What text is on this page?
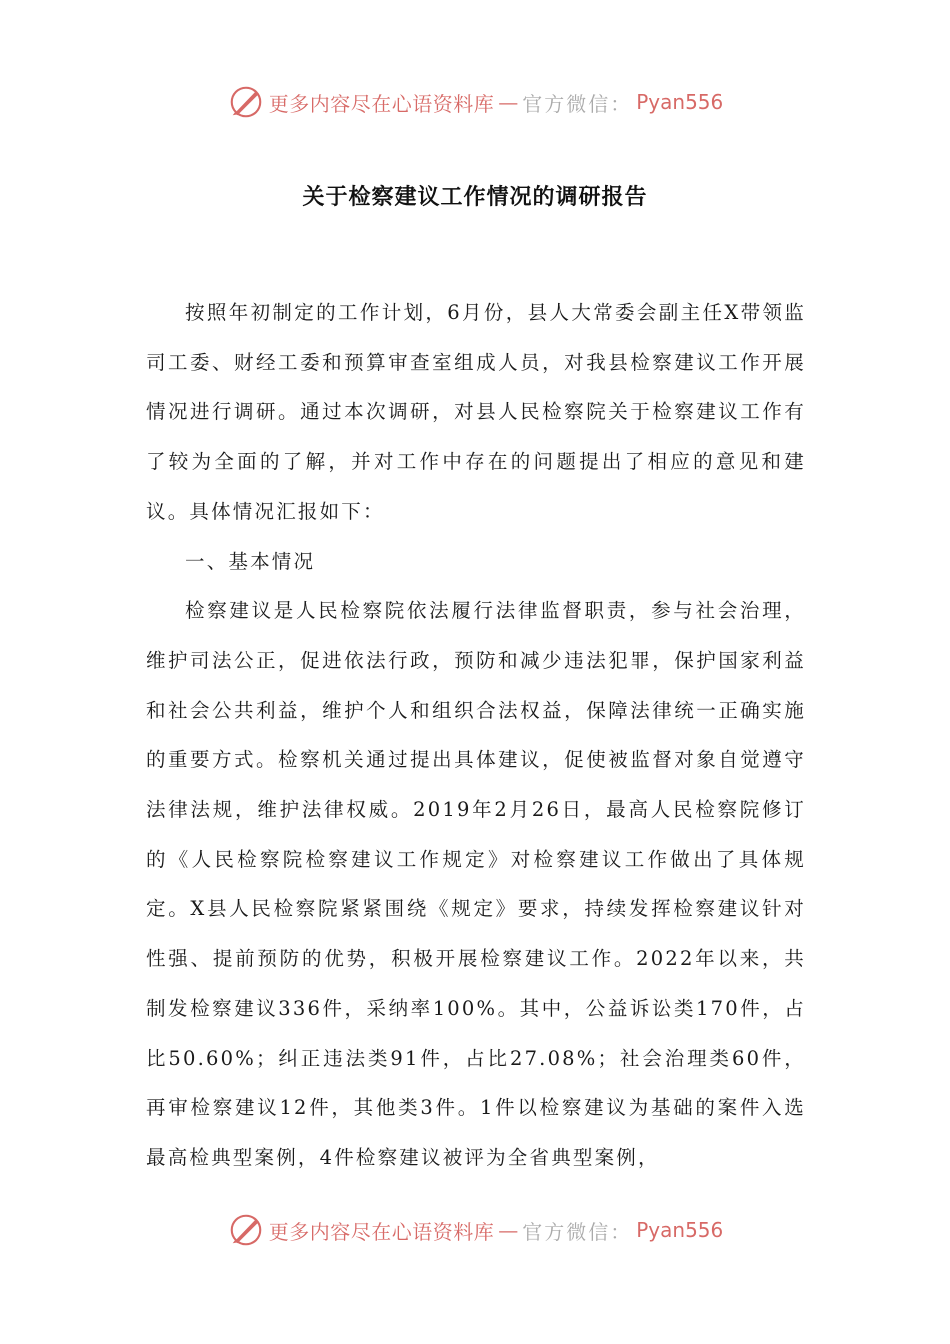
更多内容尽在心语资料库 — 官方微信： Pyan556
关于检察建议工作情况的调研报告

按照年初制定的工作计划，6月份，县人大常委会副主任X带领监司工委、财经工委和预算审查室组成人员，对我县检察建议工作开展情况进行调研。通过本次调研，对县人民检察院关于检察建议工作有了较为全面的了解，并对工作中存在的问题提出了相应的意见和建议。具体情况汇报如下：

一、基本情况

检察建议是人民检察院依法履行法律监督职责，参与社会治理，维护司法公正，促进依法行政，预防和减少违法犯罪，保护国家利益和社会公共利益，维护个人和组织合法权益，保障法律统一正确实施的重要方式。检察机关通过提出具体建议，促使被监督对象自觉遵守法律法规，维护法律权威。2019年2月26日，最高人民检察院修订的《人民检察院检察建议工作规定》对检察建议工作做出了具体规定。X县人民检察院紧紧围绕《规定》要求，持续发挥检察建议针对性强、提前预防的优势，积极开展检察建议工作。2022年以来，共制发检察建议336件，采纳率100%。其中，公益诉讼类170件，占比50.60%；纠正违法类91件，占比27.08%；社会治理类60件，再审检察建议12件，其他类3件。1件以检察建议为基础的案件入选最高检典型案例，4件检察建议被评为全省典型案例，

更多内容尽在心语资料库 — 官方微信： Pyan556
